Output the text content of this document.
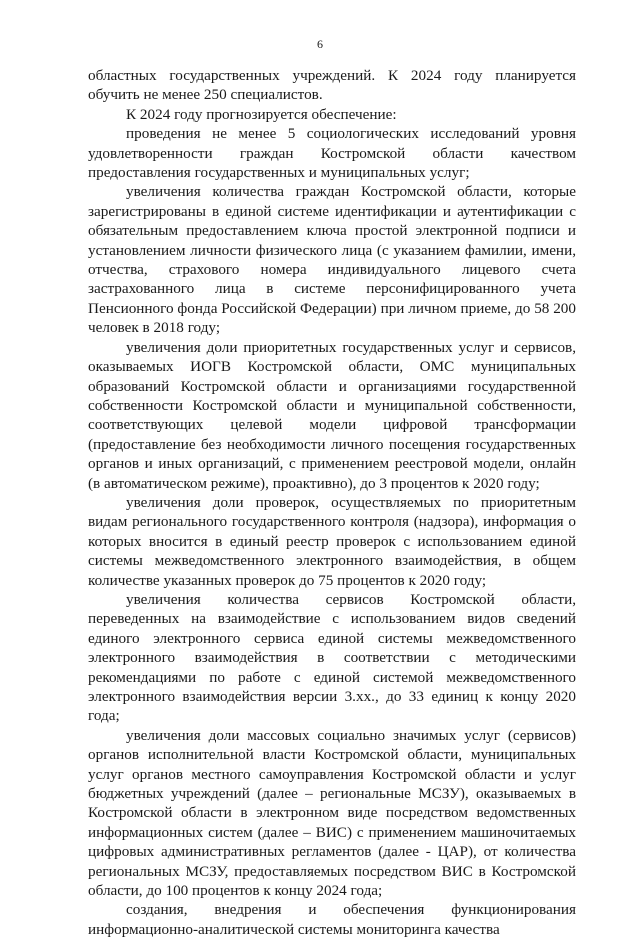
6

областных государственных учреждений. К 2024 году планируется обучить не менее 250 специалистов.

К 2024 году прогнозируется обеспечение:

проведения не менее 5 социологических исследований уровня удовлетворенности граждан Костромской области качеством предоставления государственных и муниципальных услуг;

увеличения количества граждан Костромской области, которые зарегистрированы в единой системе идентификации и аутентификации с обязательным предоставлением ключа простой электронной подписи и установлением личности физического лица (с указанием фамилии, имени, отчества, страхового номера индивидуального лицевого счета застрахованного лица в системе персонифицированного учета Пенсионного фонда Российской Федерации) при личном приеме, до 58 200 человек в 2018 году;

увеличения доли приоритетных государственных услуг и сервисов, оказываемых ИОГВ Костромской области, ОМС муниципальных образований Костромской области и организациями государственной собственности Костромской области и муниципальной собственности, соответствующих целевой модели цифровой трансформации (предоставление без необходимости личного посещения государственных органов и иных организаций, с применением реестровой модели, онлайн (в автоматическом режиме), проактивно), до 3 процентов к 2020 году;

увеличения доли проверок, осуществляемых по приоритетным видам регионального государственного контроля (надзора), информация о которых вносится в единый реестр проверок с использованием единой системы межведомственного электронного взаимодействия, в общем количестве указанных проверок до 75 процентов к 2020 году;

увеличения количества сервисов Костромской области, переведенных на взаимодействие с использованием видов сведений единого электронного сервиса единой системы межведомственного электронного взаимодействия в соответствии с методическими рекомендациями по работе с единой системой межведомственного электронного взаимодействия версии 3.xx., до 33 единиц к концу 2020 года;

увеличения доли массовых социально значимых услуг (сервисов) органов исполнительной власти Костромской области, муниципальных услуг органов местного самоуправления Костромской области и услуг бюджетных учреждений (далее – региональные МСЗУ), оказываемых в Костромской области в электронном виде посредством ведомственных информационных систем (далее – ВИС) с применением машиночитаемых цифровых административных регламентов (далее - ЦАР), от количества региональных МСЗУ, предоставляемых посредством ВИС в Костромской области, до 100 процентов к концу 2024 года;

создания, внедрения и обеспечения функционирования информационно-аналитической системы мониторинга качества
